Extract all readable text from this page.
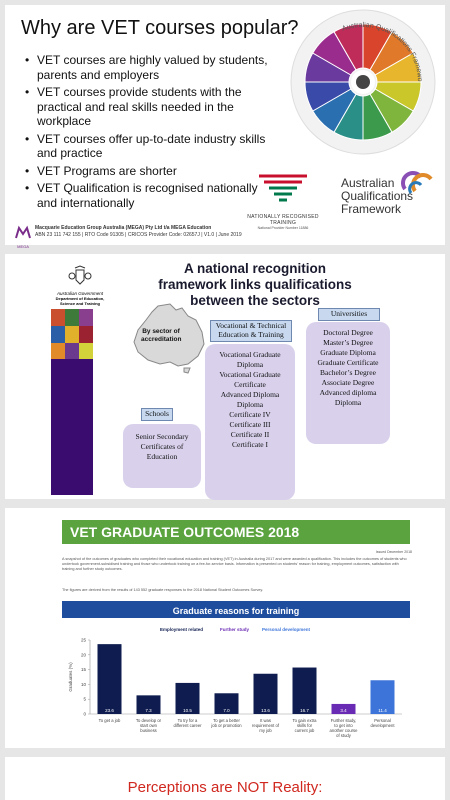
Why are VET courses popular?
• VET courses are highly valued by students, parents and employers
• VET courses provide students with the practical and real skills needed in the workplace
• VET courses offer up-to-date industry skills and practice
• VET Programs are shorter
• VET Qualification is recognised nationally and internationally
Australian Qualifications Framewo
NATIONALLY RECOGNISED TRAINING
National Provider Number 11886
Australian
Qualifications
Framework
MEGA
Macquarie Education Group Australia (MEGA) Pty Ltd t/a MEGA Education
ABN 23 111 742 155 | RTO Code 91305 | CRICOS Provider Code: 02657J | V1.0 | June 2019
Australian Government
Department of Education, Science and Training
A national recognition framework links qualifications between the sectors
By sector of accreditation
Schools
Senior Secondary Certificates of Education
Vocational & Technical Education & Training
Vocational Graduate Diploma
Vocational Graduate Certificate
Advanced Diploma
Diploma
Certificate IV
Certificate III
Certificate II
Certificate I
Universities
Doctoral Degree
Master’s Degree
Graduate Diploma
Graduate Certificate
Bachelor’s Degree
Associate Degree
Advanced diploma
Diploma
VET GRADUATE OUTCOMES 2018
Issued December 2018
A snapshot of the outcomes of graduates who completed their vocational education and training (VET) in Australia during 2017 and were awarded a qualification. This includes the outcomes of students who undertook government-subsidised training and those who undertook training on a fee-for-service basis. Information is presented on students' reason for training, employment outcomes, satisfaction with training and further study outcomes.
The figures are derived from the results of 143 552 graduate responses to the 2018 National Student Outcomes Survey.
Graduate reasons for training
Employment related	Further study	Personal development
0
5
10
15
20
25
Graduates (%)
23.6
To get a job
7.3
To develop or start own business
10.5
To try for a different career
7.0
To get a better job or promotion
13.6
It was requirement of my job
16.7
To gain extra skills for current job
3.4
Further study, to get into another course of study
11.4
Personal development
Perceptions are NOT Reality:
